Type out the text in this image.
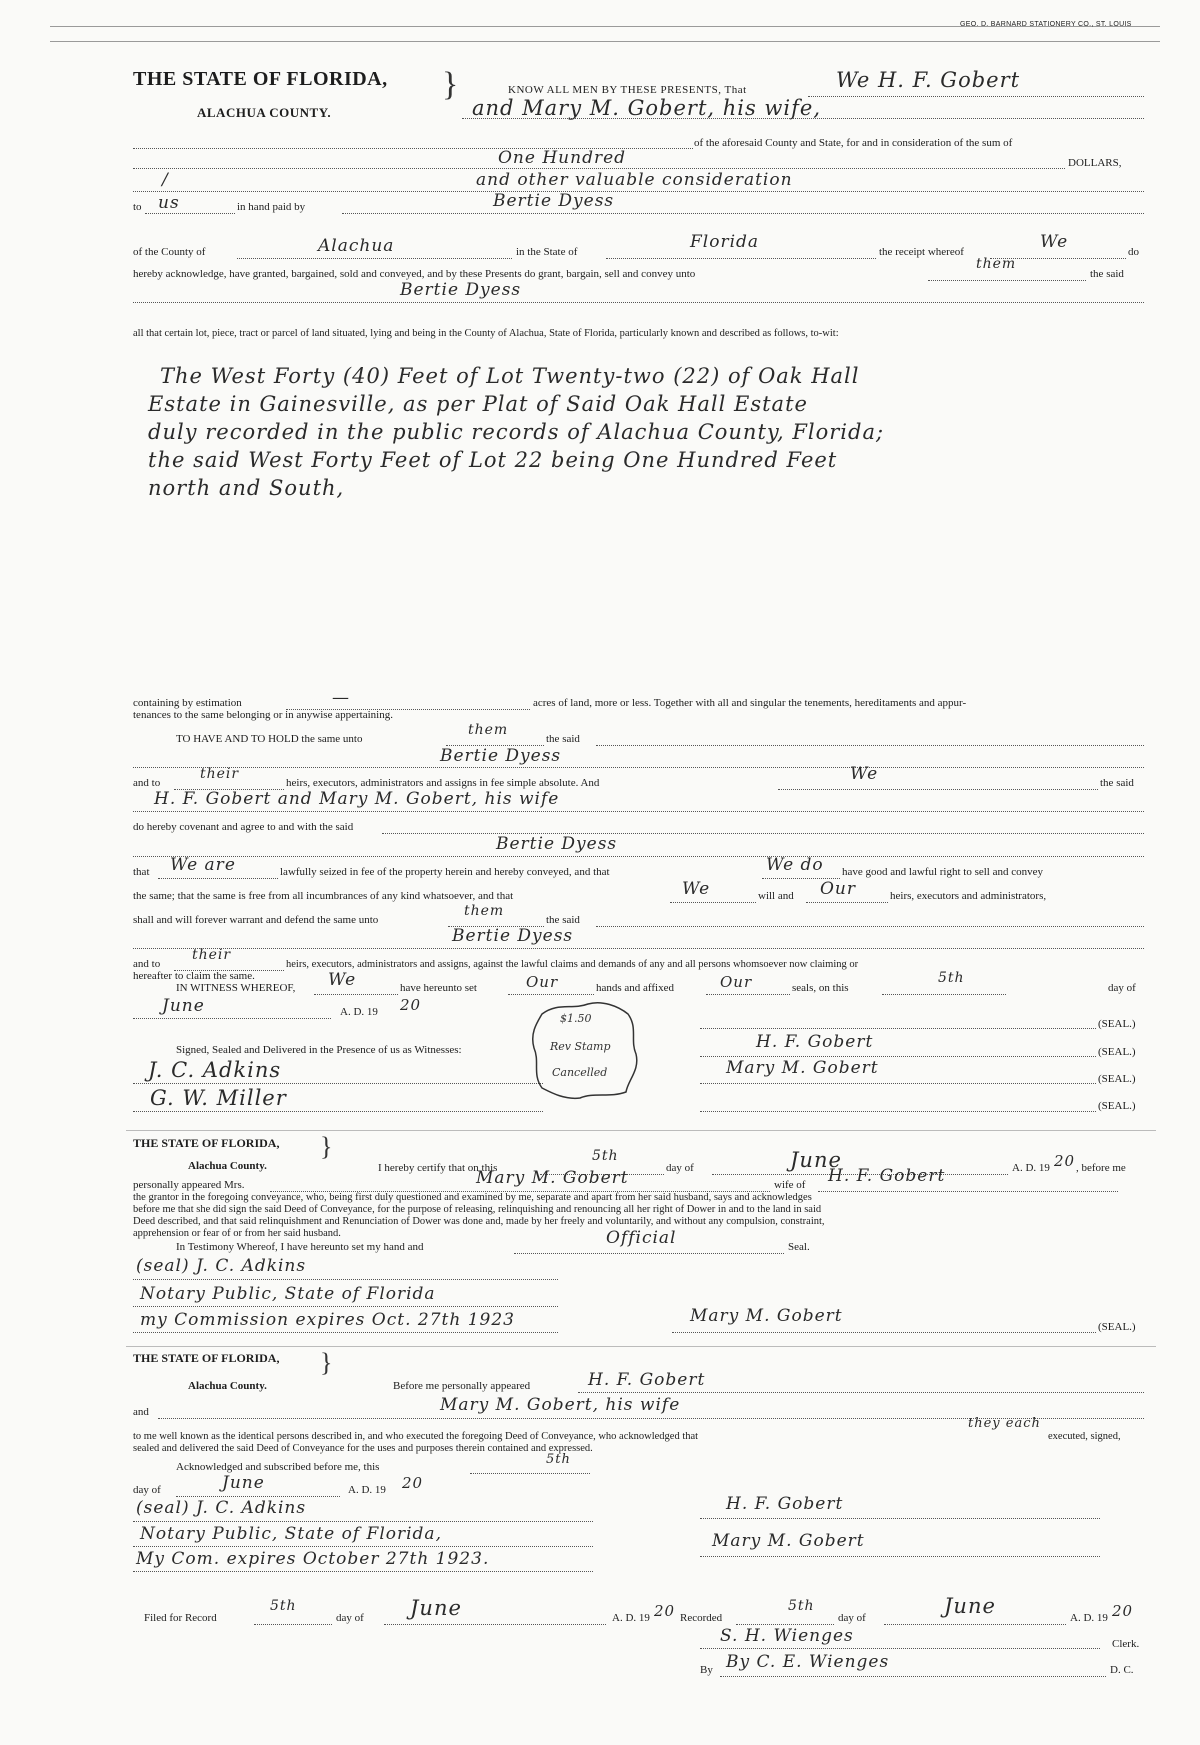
GEO. D. BARNARD STATIONERY CO., ST. LOUIS
THE STATE OF FLORIDA, }
ALACHUA COUNTY.
KNOW ALL MEN BY THESE PRESENTS, That	We H. F. Gobert
and Mary M. Gobert, his wife,
of the aforesaid County and State, for and in consideration of the sum of
One Hundred	DOLLARS,
/	and other valuable consideration
to us	in hand paid by	Bertie Dyess
of the County of	Alachua	in the State of	Florida	the receipt whereof	We	do
hereby acknowledge, have granted, bargained, sold and conveyed, and by these Presents do grant, bargain, sell and convey unto
them
the said
Bertie Dyess
all that certain lot, piece, tract or parcel of land situated, lying and being in the County of Alachua, State of Florida, particularly known and described as follows, to-wit:
The West Forty (40) Feet of Lot Twenty-two (22) of Oak Hall
Estate in Gainesville, as per Plat of Said Oak Hall Estate
duly recorded in the public records of Alachua County, Florida;
the said West Forty Feet of Lot 22 being One Hundred Feet
north and South,
containing by estimation	—	acres of land, more or less. Together with all and singular the tenements, hereditaments and appur-
tenances to the same belonging or in anywise appertaining.
TO HAVE AND TO HOLD the same unto
them
the said
Bertie Dyess
and to
their
heirs, executors, administrators and assigns in fee simple absolute. And	We	the said
H. F. Gobert and Mary M. Gobert, his wife
do hereby covenant and agree to and with the said
Bertie Dyess
that We are	lawfully seized in fee of the property herein and hereby conveyed, and that	We do have good and lawful right to sell and convey
the same; that the same is free from all incumbrances of any kind whatsoever, and that	We	will and Our	heirs, executors and administrators,
shall and will forever warrant and defend the same unto
them
the said
Bertie Dyess
and to
their
heirs, executors, administrators and assigns, against the lawful claims and demands of any and all persons whomsoever now claiming or
hereafter to claim the same.
IN WITNESS WHEREOF, We	have hereunto set	Our	hands and affixed	Our	seals, on this
5th
day of
June	A. D. 19 20
(SEAL.)
Signed, Sealed and Delivered in the Presence of us as Witnesses:	H. F. Gobert	(SEAL.)
J. C. Adkins	Mary M. Gobert
(SEAL.)
G. W. Miller	(SEAL.)
$1.50
Rev Stamp
Cancelled
THE STATE OF FLORIDA, }
Alachua County.	I hereby certify that on this
5th
day of	June	A. D. 19 20 , before me
personally appeared Mrs.	Mary M. Gobert	wife of H. F. Gobert
the grantor in the foregoing conveyance, who, being first duly questioned and examined by me, separate and apart from her said husband, says and acknowledges
before me that she did sign the said Deed of Conveyance, for the purpose of releasing, relinquishing and renouncing all her right of Dower in and to the land in said
Deed described, and that said relinquishment and Renunciation of Dower was done and, made by her freely and voluntarily, and without any compulsion, constraint,
apprehension or fear of or from her said husband.
In Testimony Whereof, I have hereunto set my hand and	Official	Seal.
(seal) J. C. Adkins
Notary Public, State of Florida
my Commission expires Oct. 27th 1923	Mary M. Gobert
(SEAL.)
THE STATE OF FLORIDA, }
Alachua County.	Before me personally appeared	H. F. Gobert
and	Mary M. Gobert, his wife
to me well known as the identical persons described in, and who executed the foregoing Deed of Conveyance, who acknowledged that
they each
executed, signed,
sealed and delivered the said Deed of Conveyance for the uses and purposes therein contained and expressed.
Acknowledged and subscribed before me, this	5th
day of	June	A. D. 19 20
(seal) J. C. Adkins
Notary Public, State of Florida,
My Com. expires October 27th 1923.
H. F. Gobert
Mary M. Gobert
Filed for Record
5th
day of June	A. D. 19 20 Recorded
5th
day of	June	A. D. 19 20
S. H. Wienges	Clerk.
By By C. E. Wienges	D. C.
